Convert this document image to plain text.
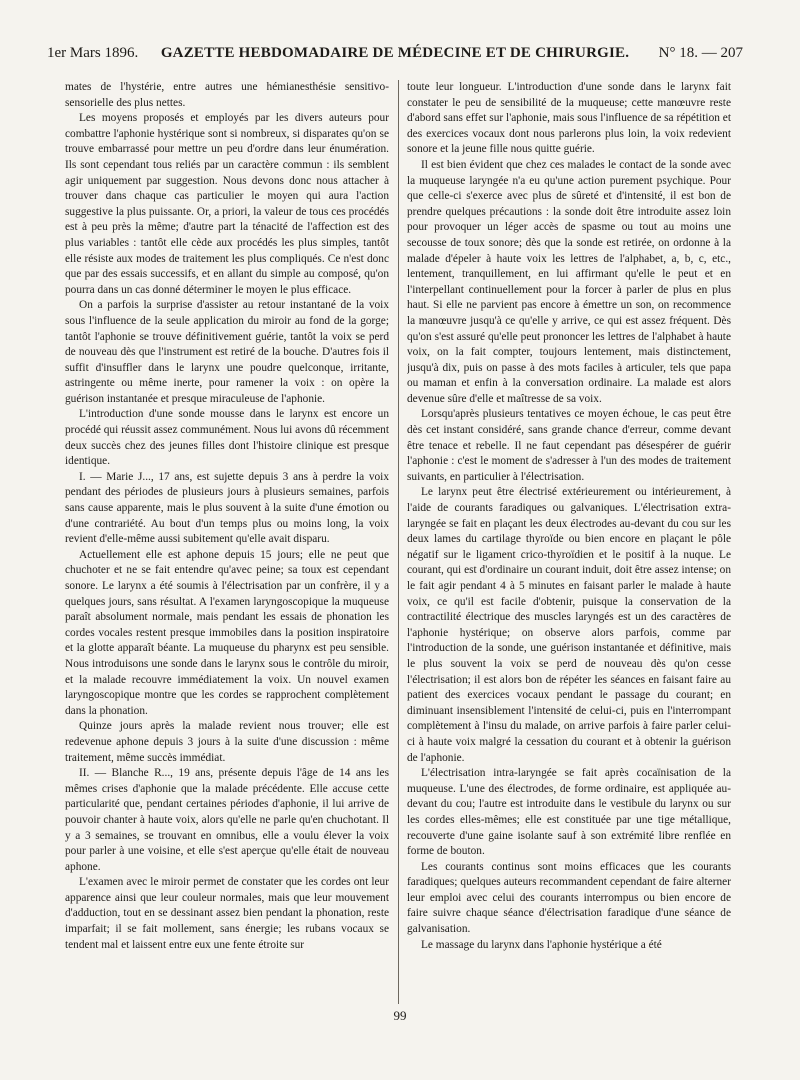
1er Mars 1896.	GAZETTE HEBDOMADAIRE DE MÉDECINE ET DE CHIRURGIE.	N° 18. — 207

mates de l'hystérie, entre autres une hémianesthésie sensitivo-sensorielle des plus nettes.

Les moyens proposés et employés par les divers auteurs pour combattre l'aphonie hystérique sont si nombreux, si disparates qu'on se trouve embarrassé pour mettre un peu d'ordre dans leur énumération. Ils sont cependant tous reliés par un caractère commun : ils semblent agir uniquement par suggestion. Nous devons donc nous attacher à trouver dans chaque cas particulier le moyen qui aura l'action suggestive la plus puissante. Or, a priori, la valeur de tous ces procédés est à peu près la même; d'autre part la ténacité de l'affection est des plus variables : tantôt elle cède aux procédés les plus simples, tantôt elle résiste aux modes de traitement les plus compliqués. Ce n'est donc que par des essais successifs, et en allant du simple au composé, qu'on pourra dans un cas donné déterminer le moyen le plus efficace.

On a parfois la surprise d'assister au retour instantané de la voix sous l'influence de la seule application du miroir au fond de la gorge; tantôt l'aphonie se trouve définitivement guérie, tantôt la voix se perd de nouveau dès que l'instrument est retiré de la bouche. D'autres fois il suffit d'insuffler dans le larynx une poudre quelconque, irritante, astringente ou même inerte, pour ramener la voix : on opère la guérison instantanée et presque miraculeuse de l'aphonie.

L'introduction d'une sonde mousse dans le larynx est encore un procédé qui réussit assez communément. Nous lui avons dû récemment deux succès chez des jeunes filles dont l'histoire clinique est presque identique.

I. — Marie J..., 17 ans, est sujette depuis 3 ans à perdre la voix pendant des périodes de plusieurs jours à plusieurs semaines, parfois sans cause apparente, mais le plus souvent à la suite d'une émotion ou d'une contrariété. Au bout d'un temps plus ou moins long, la voix revient d'elle-même aussi subitement qu'elle avait disparu.

Actuellement elle est aphone depuis 15 jours; elle ne peut que chuchoter et ne se fait entendre qu'avec peine; sa toux est cependant sonore. Le larynx a été soumis à l'électrisation par un confrère, il y a quelques jours, sans résultat. A l'examen laryngoscopique la muqueuse paraît absolument normale, mais pendant les essais de phonation les cordes vocales restent presque immobiles dans la position inspiratoire et la glotte apparaît béante. La muqueuse du pharynx est peu sensible. Nous introduisons une sonde dans le larynx sous le contrôle du miroir, et la malade recouvre immédiatement la voix. Un nouvel examen laryngoscopique montre que les cordes se rapprochent complètement dans la phonation.

Quinze jours après la malade revient nous trouver; elle est redevenue aphone depuis 3 jours à la suite d'une discussion : même traitement, même succès immédiat.

II. — Blanche R..., 19 ans, présente depuis l'âge de 14 ans les mêmes crises d'aphonie que la malade précédente. Elle accuse cette particularité que, pendant certaines périodes d'aphonie, il lui arrive de pouvoir chanter à haute voix, alors qu'elle ne parle qu'en chuchotant. Il y a 3 semaines, se trouvant en omnibus, elle a voulu élever la voix pour parler à une voisine, et elle s'est aperçue qu'elle était de nouveau aphone.

L'examen avec le miroir permet de constater que les cordes ont leur apparence ainsi que leur couleur normales, mais que leur mouvement d'adduction, tout en se dessinant assez bien pendant la phonation, reste imparfait; il se fait mollement, sans énergie; les rubans vocaux se tendent mal et laissent entre eux une fente étroite sur

toute leur longueur. L'introduction d'une sonde dans le larynx fait constater le peu de sensibilité de la muqueuse; cette manœuvre reste d'abord sans effet sur l'aphonie, mais sous l'influence de sa répétition et des exercices vocaux dont nous parlerons plus loin, la voix redevient sonore et la jeune fille nous quitte guérie.

Il est bien évident que chez ces malades le contact de la sonde avec la muqueuse laryngée n'a eu qu'une action purement psychique. Pour que celle-ci s'exerce avec plus de sûreté et d'intensité, il est bon de prendre quelques précautions : la sonde doit être introduite assez loin pour provoquer un léger accès de spasme ou tout au moins une secousse de toux sonore; dès que la sonde est retirée, on ordonne à la malade d'épeler à haute voix les lettres de l'alphabet, a, b, c, etc., lentement, tranquillement, en lui affirmant qu'elle le peut et en l'interpellant continuellement pour la forcer à parler de plus en plus haut. Si elle ne parvient pas encore à émettre un son, on recommence la manœuvre jusqu'à ce qu'elle y arrive, ce qui est assez fréquent. Dès qu'on s'est assuré qu'elle peut prononcer les lettres de l'alphabet à haute voix, on la fait compter, toujours lentement, mais distinctement, jusqu'à dix, puis on passe à des mots faciles à articuler, tels que papa ou maman et enfin à la conversation ordinaire. La malade est alors devenue sûre d'elle et maîtresse de sa voix.

Lorsqu'après plusieurs tentatives ce moyen échoue, le cas peut être dès cet instant considéré, sans grande chance d'erreur, comme devant être tenace et rebelle. Il ne faut cependant pas désespérer de guérir l'aphonie : c'est le moment de s'adresser à l'un des modes de traitement suivants, en particulier à l'électrisation.

Le larynx peut être électrisé extérieurement ou intérieurement, à l'aide de courants faradiques ou galvaniques. L'électrisation extra-laryngée se fait en plaçant les deux électrodes au-devant du cou sur les deux lames du cartilage thyroïde ou bien encore en plaçant le pôle négatif sur le ligament crico-thyroïdien et le positif à la nuque. Le courant, qui est d'ordinaire un courant induit, doit être assez intense; on le fait agir pendant 4 à 5 minutes en faisant parler le malade à haute voix, ce qu'il est facile d'obtenir, puisque la conservation de la contractilité électrique des muscles laryngés est un des caractères de l'aphonie hystérique; on observe alors parfois, comme par l'introduction de la sonde, une guérison instantanée et définitive, mais le plus souvent la voix se perd de nouveau dès qu'on cesse l'électrisation; il est alors bon de répéter les séances en faisant faire au patient des exercices vocaux pendant le passage du courant; en diminuant insensiblement l'intensité de celui-ci, puis en l'interrompant complètement à l'insu du malade, on arrive parfois à faire parler celui-ci à haute voix malgré la cessation du courant et à obtenir la guérison de l'aphonie.

L'électrisation intra-laryngée se fait après cocaïnisation de la muqueuse. L'une des électrodes, de forme ordinaire, est appliquée au-devant du cou; l'autre est introduite dans le vestibule du larynx ou sur les cordes elles-mêmes; elle est constituée par une tige métallique, recouverte d'une gaine isolante sauf à son extrémité libre renflée en forme de bouton.

Les courants continus sont moins efficaces que les courants faradiques; quelques auteurs recommandent cependant de faire alterner leur emploi avec celui des courants interrompus ou bien encore de faire suivre chaque séance d'électrisation faradique d'une séance de galvanisation.

Le massage du larynx dans l'aphonie hystérique a été

99
